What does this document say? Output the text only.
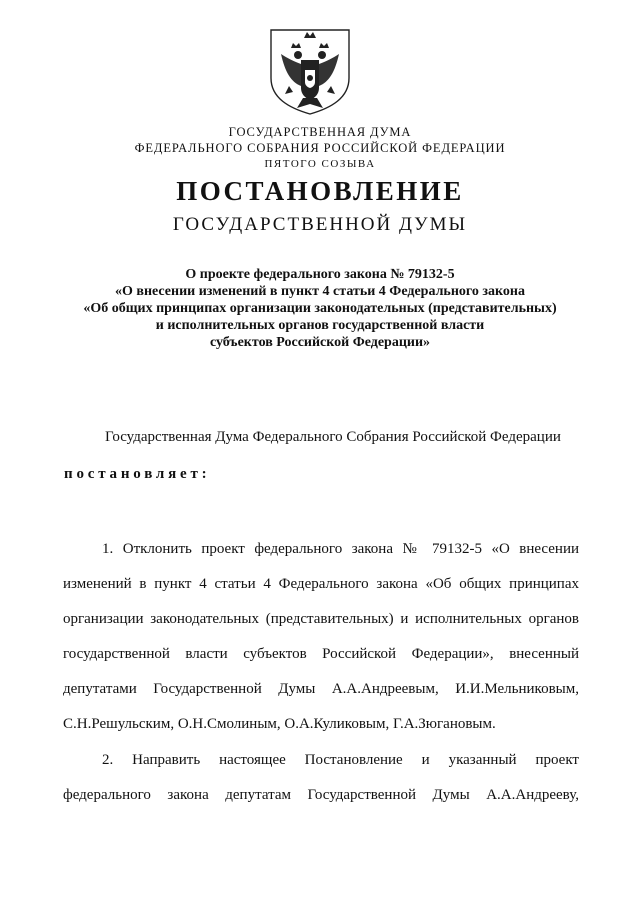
ГОСУДАРСТВЕННАЯ ДУМА
ФЕДЕРАЛЬНОГО СОБРАНИЯ РОССИЙСКОЙ ФЕДЕРАЦИИ
ПЯТОГО СОЗЫВА
ПОСТАНОВЛЕНИЕ
ГОСУДАРСТВЕННОЙ ДУМЫ
О проекте федерального закона № 79132-5
«О внесении изменений в пункт 4 статьи 4 Федерального закона
«Об общих принципах организации законодательных (представительных)
и исполнительных органов государственной власти
субъектов Российской Федерации»
Государственная Дума Федерального Собрания Российской Федерации
постановляет:
1. Отклонить проект федерального закона № 79132-5 «О внесении
изменений в пункт 4 статьи 4 Федерального закона «Об общих принципах
организации законодательных (представительных) и исполнительных органов
государственной власти субъектов Российской Федерации», внесенный
депутатами Государственной Думы А.А.Андреевым, И.И.Мельниковым,
С.Н.Решульским, О.Н.Смолиным, О.А.Куликовым, Г.А.Зюгановым.
2. Направить настоящее Постановление и указанный проект
федерального закона депутатам Государственной Думы А.А.Андрееву,
